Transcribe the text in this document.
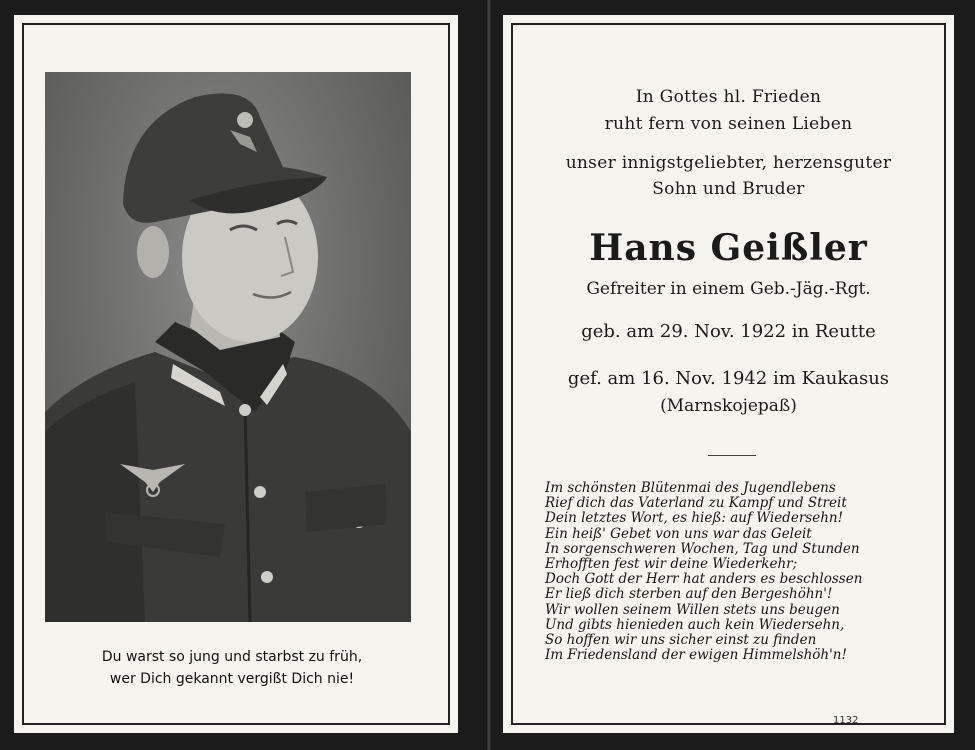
Du warst so jung und starbst zu früh,
wer Dich gekannt vergißt Dich nie!
In Gottes hl. Frieden
ruht fern von seinen Lieben
unser innigstgeliebter, herzensguter
Sohn und Bruder
Hans Geißler
Gefreiter in einem Geb.-Jäg.-Rgt.
geb. am 29. Nov. 1922 in Reutte
gef. am 16. Nov. 1942 im Kaukasus
(Marnskojepaß)
Im schönsten Blütenmai des Jugendlebens
Rief dich das Vaterland zu Kampf und Streit
Dein letztes Wort, es hieß: auf Wiedersehn!
Ein heiß' Gebet von uns war das Geleit
In sorgenschweren Wochen, Tag und Stunden
Erhofften fest wir deine Wiederkehr;
Doch Gott der Herr hat anders es beschlossen
Er ließ dich sterben auf den Bergeshöhn'!
Wir wollen seinem Willen stets uns beugen
Und gibts hienieden auch kein Wiedersehn,
So hoffen wir uns sicher einst zu finden
Im Friedensland der ewigen Himmelshöh'n!
1132
